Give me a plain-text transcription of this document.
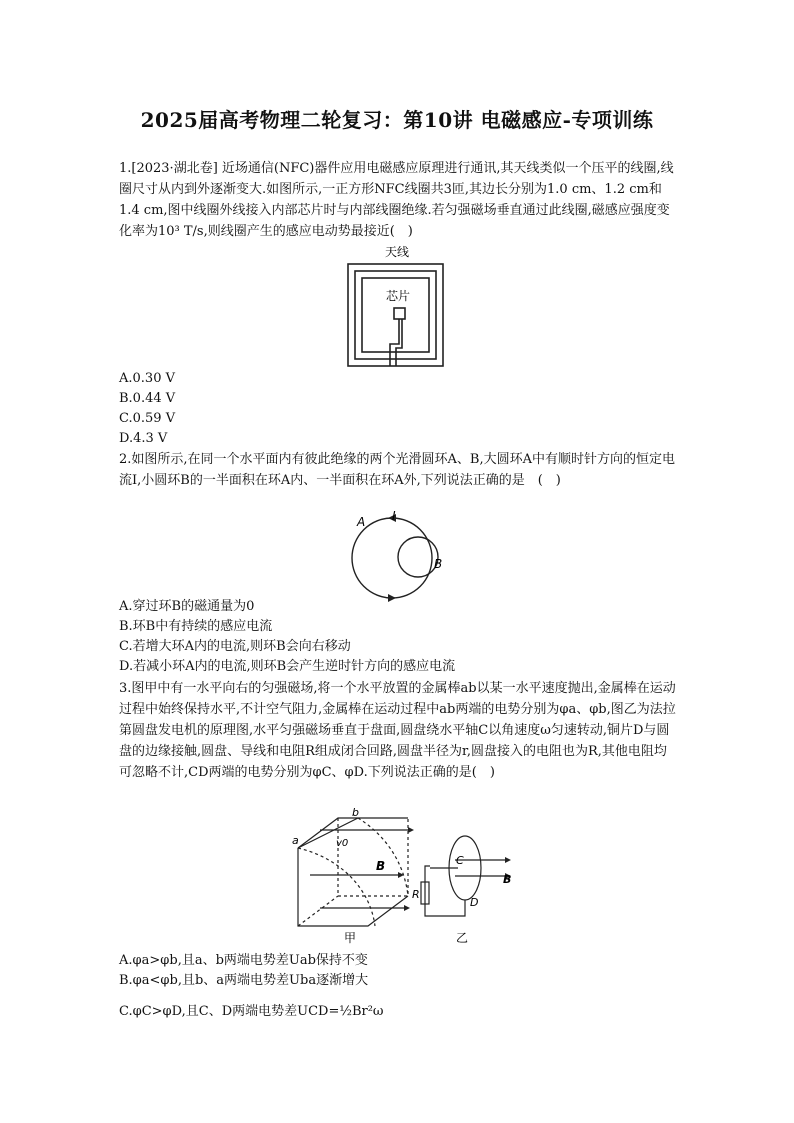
2025届高考物理二轮复习：第10讲 电磁感应-专项训练

1.[2023·湖北卷] 近场通信(NFC)器件应用电磁感应原理进行通讯,其天线类似一个压平的线圈,线圈尺寸从内到外逐渐变大.如图所示,一正方形NFC线圈共3匝,其边长分别为1.0 cm、1.2 cm和1.4 cm,图中线圈外线接入内部芯片时与内部线圈绝缘.若匀强磁场垂直通过此线圈,磁感应强度变化率为10³ T/s,则线圈产生的感应电动势最接近(　)

天线
芯片
A.0.30 V
B.0.44 V
C.0.59 V
D.4.3 V

2.如图所示,在同一个水平面内有彼此绝缘的两个光滑圆环A、B,大圆环A中有顺时针方向的恒定电流I,小圆环B的一半面积在环A内、一半面积在环A外,下列说法正确的是　(　)

A I
B
A.穿过环B的磁通量为0
B.环B中有持续的感应电流
C.若增大环A内的电流,则环B会向右移动
D.若减小环A内的电流,则环B会产生逆时针方向的感应电流

3.图甲中有一水平向右的匀强磁场,将一个水平放置的金属棒ab以某一水平速度抛出,金属棒在运动过程中始终保持水平,不计空气阻力,金属棒在运动过程中ab两端的电势分别为φa、φb,图乙为法拉第圆盘发电机的原理图,水平匀强磁场垂直于盘面,圆盘绕水平轴C以角速度ω匀速转动,铜片D与圆盘的边缘接触,圆盘、导线和电阻R组成闭合回路,圆盘半径为r,圆盘接入的电阻也为R,其他电阻均可忽略不计,CD两端的电势分别为φC、φD.下列说法正确的是(　)

a
b
v0
B
甲
C
B
R
D
乙
A.φa>φb,且a、b两端电势差Uab保持不变
B.φa<φb,且b、a两端电势差Uba逐渐增大
C.φC>φD,且C、D两端电势差UCD=½Br²ω
